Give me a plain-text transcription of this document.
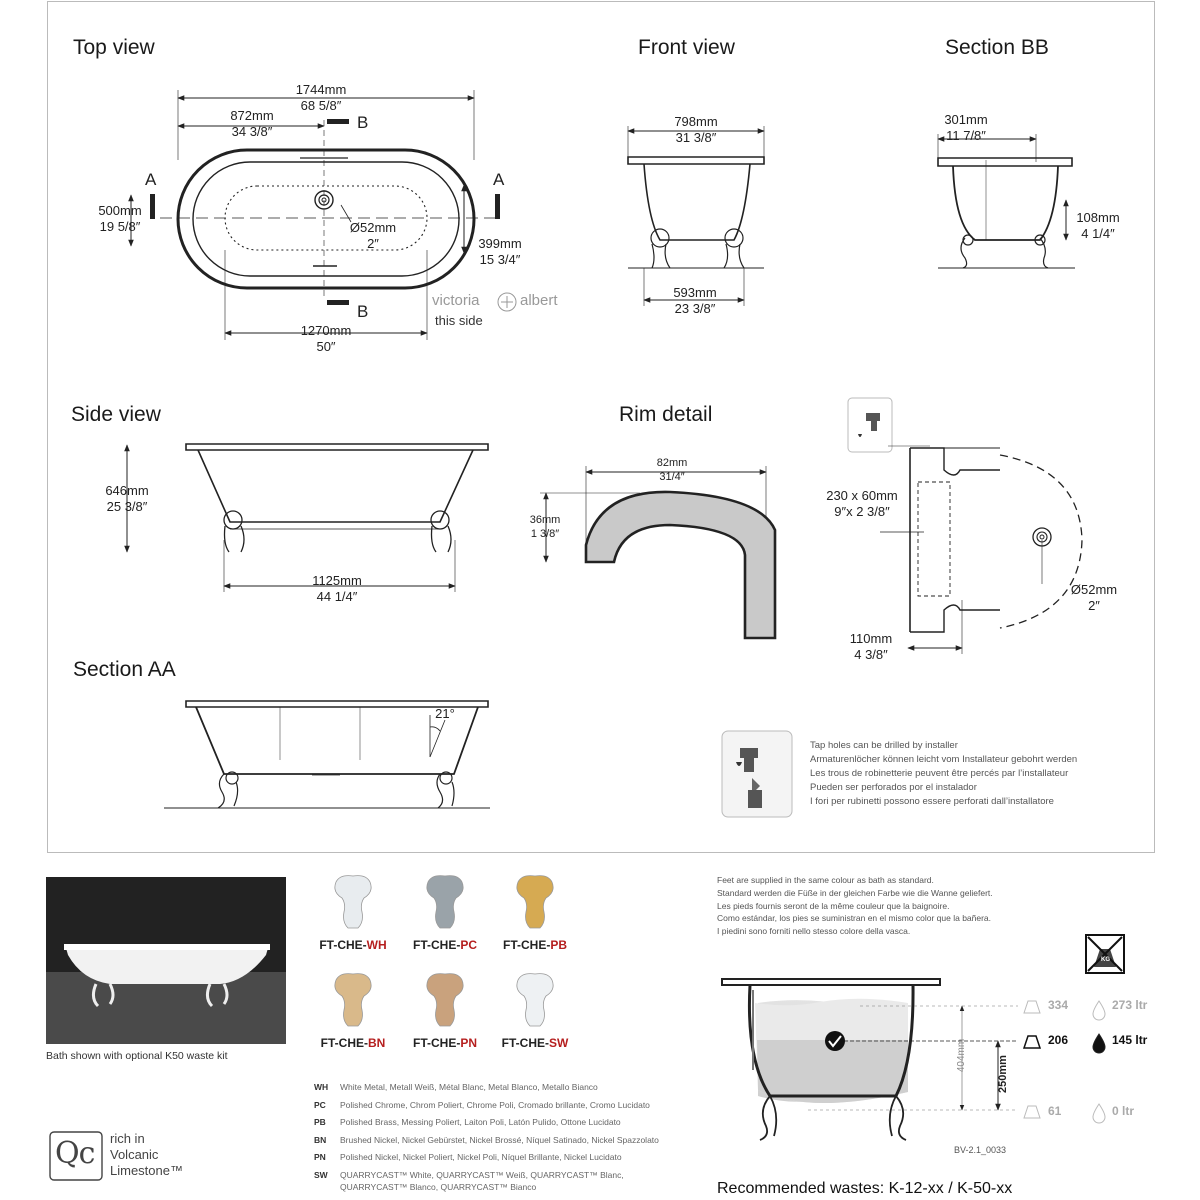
Top view	Front view	Section BB
Side view	Rim detail
Section AA
1744mm
68 5/8″
872mm
34 3/8″
500mm
19 5/8″	Ø52mm
2″	399mm
15 3/4″
1270mm
50″
A	A
B
B
victoria	albert
this side
798mm
31 3/8″
593mm
23 3/8″
301mm
11 7/8″
108mm
4 1/4″
646mm
25 3/8″
1125mm
44 1/4″
82mm
31/4″
36mm
1 3/8″
230 x 60mm
9″x 2 3/8″
110mm
4 3/8″
Ø52mm
2″
21°
Tap holes can be drilled by installer
Armaturenlöcher können leicht vom Installateur gebohrt werden
Les trous de robinetterie peuvent être percés par l’installateur
Pueden ser perforados por el instalador
I fori per rubinetti possono essere perforati dall’installatore
Bath shown with optional K50 waste kit
FT-CHE-WH	FT-CHE-PC	FT-CHE-PB
FT-CHE-BN	FT-CHE-PN	FT-CHE-SW
WH	White Metal, Metall Weiß, Métal Blanc, Metal Blanco, Metallo Bianco
PC	Polished Chrome, Chrom Poliert, Chrome Poli, Cromado brillante, Cromo Lucidato
PB	Polished Brass, Messing Poliert, Laiton Poli, Latón Pulido, Ottone Lucidato
BN	Brushed Nickel, Nickel Gebürstet, Nickel Brossé, Níquel Satinado, Nickel Spazzolato
PN	Polished Nickel, Nickel Poliert, Nickel Poli, Níquel Brillante, Nickel Lucidato
SW	QUARRYCAST™ White, QUARRYCAST™ Weiß, QUARRYCAST™ Blanc,
QUARRYCAST™ Blanco, QUARRYCAST™ Bianco
Qc rich in
Volcanic
Limestone™
Feet are supplied in the same colour as bath as standard.
Standard werden die Füße in der gleichen Farbe wie die Wanne geliefert.
Les pieds fournis seront de la même couleur que la baignoire.
Como estándar, los pies se suministran en el mismo color que la bañera.
I piedini sono forniti nello stesso colore della vasca.
334	273 ltr
206	145 ltr
61	0 ltr
KG
404mm	250mm
BV-2.1_0033
Recommended wastes: K-12-xx / K-50-xx
